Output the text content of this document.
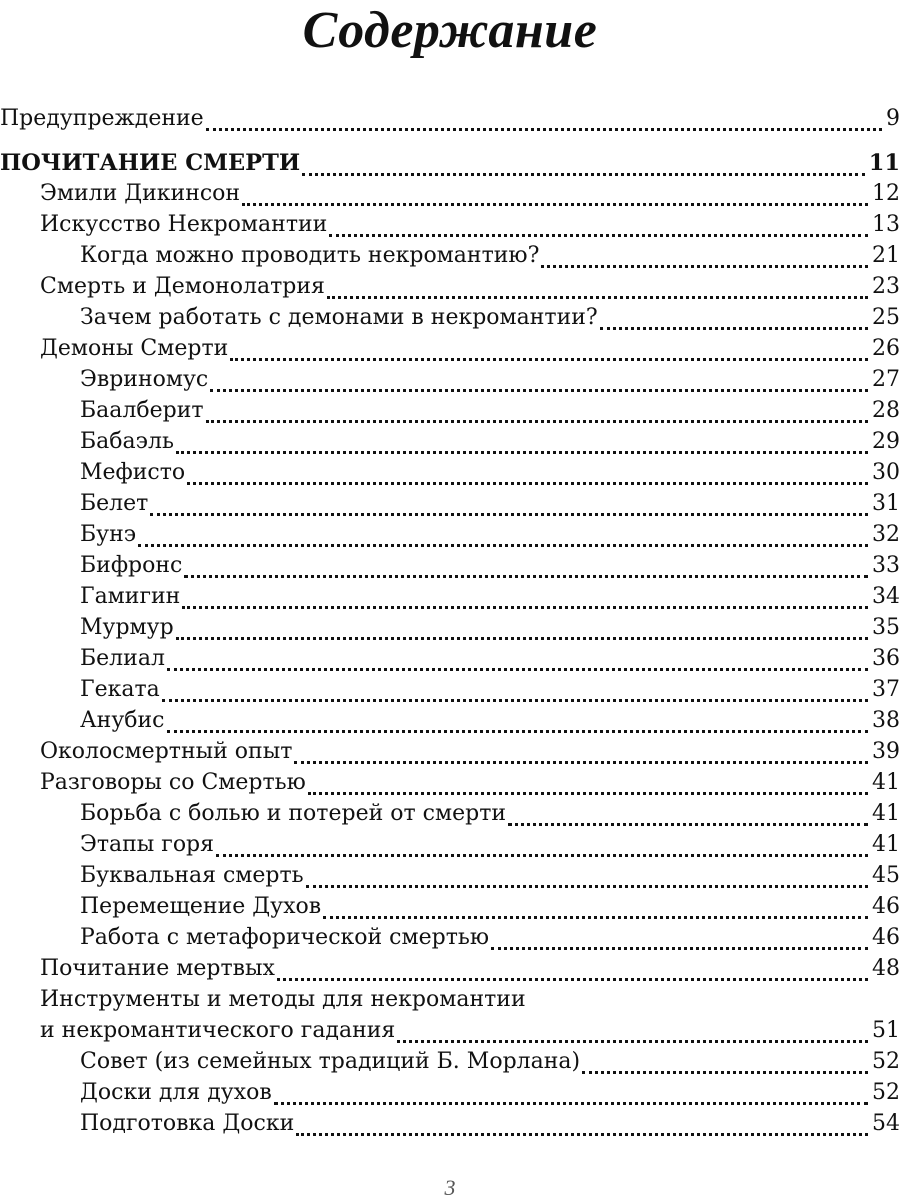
Содержание
Предупреждение	9
ПОЧИТАНИЕ СМЕРТИ	11
Эмили Дикинсон	12
Искусство Некромантии	13
Когда можно проводить некромантию?	21
Смерть и Демонолатрия	23
Зачем работать с демонами в некромантии?	25
Демоны Смерти	26
Эвриномус	27
Баалберит	28
Бабаэль	29
Мефисто	30
Белет	31
Бунэ	32
Бифронс	33
Гамигин	34
Мурмур	35
Белиал	36
Геката	37
Анубис	38
Околосмертный опыт	39
Разговоры со Смертью	41
Борьба с болью и потерей от смерти	41
Этапы горя	41
Буквальная смерть	45
Перемещение Духов	46
Работа с метафорической смертью	46
Почитание мертвых	48
Инструменты и методы для некромантии
и некромантического гадания	51
Совет (из семейных традиций Б. Морлана)	52
Доски для духов	52
Подготовка Доски	54
3
